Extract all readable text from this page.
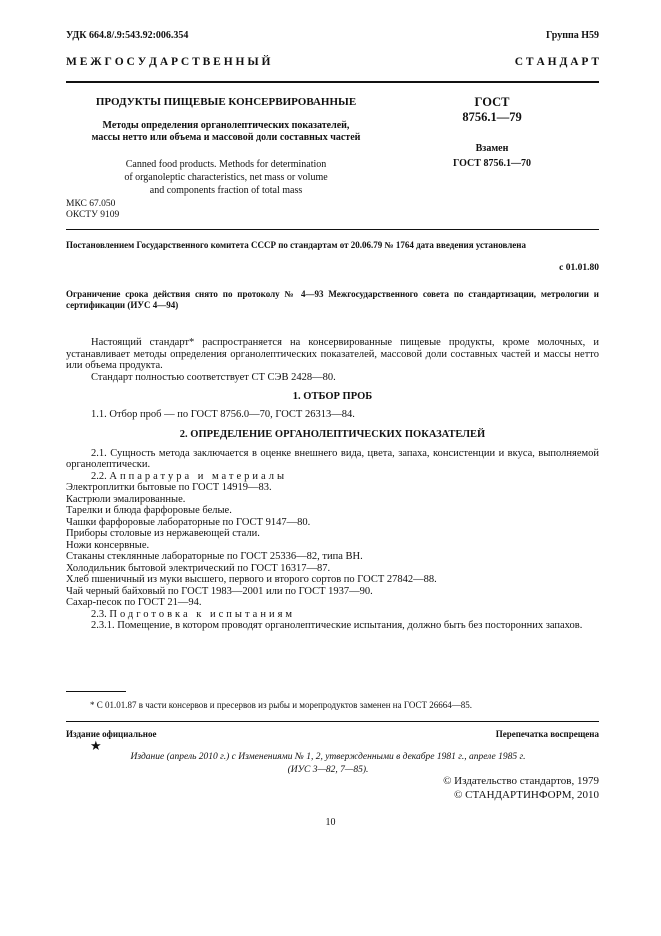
УДК 664.8/.9:543.92:006.354	Группа Н59
М Е Ж Г О С У Д А Р С Т В Е Н Н Ы Й	С Т А Н Д А Р Т
ПРОДУКТЫ ПИЩЕВЫЕ КОНСЕРВИРОВАННЫЕ
Методы определения органолептических показателей,
массы нетто или объема и массовой доли составных частей
Canned food products. Methods for determination
of organoleptic characteristics, net mass or volume
and components fraction of total mass
ГОСТ
8756.1—79
Взамен
ГОСТ 8756.1—70
МКС 67.050
ОКСТУ 9109
Постановлением Государственного комитета СССР по стандартам от 20.06.79 № 1764 дата введения установлена
с 01.01.80
Ограничение срока действия снято по протоколу № 4—93 Межгосударственного совета по стандартизации, метрологии и сертификации (ИУС 4—94)

Настоящий стандарт* распространяется на консервированные пищевые продукты, кроме молочных, и устанавливает методы определения органолептических показателей, массовой доли составных частей и массы нетто или объема продукта.

Стандарт полностью соответствует СТ СЭВ 2428—80.

1. ОТБОР ПРОБ

1.1. Отбор проб — по ГОСТ 8756.0—70, ГОСТ 26313—84.

2. ОПРЕДЕЛЕНИЕ ОРГАНОЛЕПТИЧЕСКИХ ПОКАЗАТЕЛЕЙ

2.1. Сущность метода заключается в оценке внешнего вида, цвета, запаха, консистенции и вкуса, выполняемой органолептически.

2.2. Аппаратура и материалы

Электроплитки бытовые по ГОСТ 14919—83.

Кастрюли эмалированные.

Тарелки и блюда фарфоровые белые.

Чашки фарфоровые лабораторные по ГОСТ 9147—80.

Приборы столовые из нержавеющей стали.

Ножи консервные.

Стаканы стеклянные лабораторные по ГОСТ 25336—82, типа ВН.

Холодильник бытовой электрический по ГОСТ 16317—87.

Хлеб пшеничный из муки высшего, первого и второго сортов по ГОСТ 27842—88.

Чай черный байховый по ГОСТ 1983—2001 или по ГОСТ 1937—90.

Сахар-песок по ГОСТ 21—94.

2.3. Подготовка к испытаниям

2.3.1. Помещение, в котором проводят органолептические испытания, должно быть без посторонних запахов.

* С 01.01.87 в части консервов и пресервов из рыбы и морепродуктов заменен на ГОСТ 26664—85.
Издание официальное	Перепечатка воспрещена
★
Издание (апрель 2010 г.) с Изменениями № 1, 2, утвержденными в декабре 1981 г., апреле 1985 г.
(ИУС 3—82, 7—85).
© Издательство стандартов, 1979
© СТАНДАРТИНФОРМ, 2010
10
